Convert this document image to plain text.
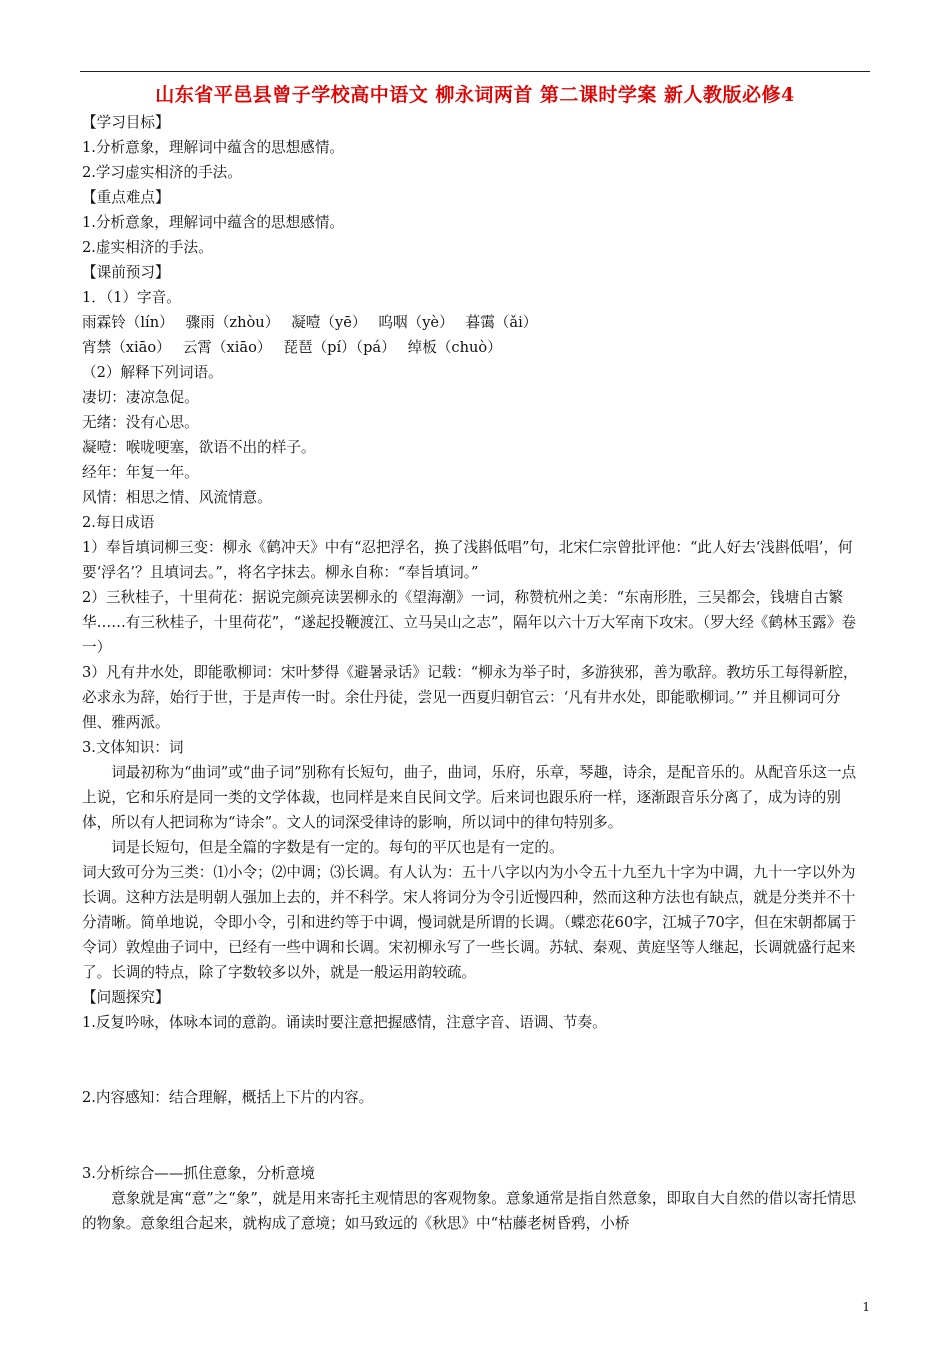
山东省平邑县曾子学校高中语文 柳永词两首 第二课时学案 新人教版必修4

【学习目标】

1.分析意象，理解词中蕴含的思想感情。

2.学习虚实相济的手法。

【重点难点】

1.分析意象，理解词中蕴含的思想感情。

2.虚实相济的手法。

【课前预习】

1．（1）字音。

雨霖铃（lín）　 骤雨（zhòu）　 凝噎（yē）　 呜咽（yè）　 暮霭（ǎi）

宵禁（xiāo）　 云霄（xiāo）　 琵琶（pí）（pá）　 绰板（chuò）

（2）解释下列词语。

凄切：凄凉急促。

无绪：没有心思。

凝噎：喉咙哽塞，欲语不出的样子。

经年：年复一年。

风情：相思之情、风流情意。

2.每日成语

1）奉旨填词柳三变：柳永《鹤冲天》中有“忍把浮名，换了浅斟低唱”句，北宋仁宗曾批评他：“此人好去‘浅斟低唱’，何要‘浮名’？且填词去。”，将名字抹去。柳永自称：“奉旨填词。”

2）三秋桂子，十里荷花：据说完颜亮读罢柳永的《望海潮》一词，称赞杭州之美：“东南形胜，三吴都会，钱塘自古繁华……有三秋桂子，十里荷花”，“遂起投鞭渡江、立马吴山之志”，隔年以六十万大军南下攻宋。（罗大经《鹤林玉露》卷一）

3）凡有井水处，即能歌柳词：宋叶梦得《避暑录话》记载：“柳永为举子时，多游狭邪，善为歌辞。教坊乐工每得新腔，必求永为辞，始行于世，于是声传一时。余仕丹徒，尝见一西夏归朝官云：‘凡有井水处，即能歌柳词。’” 并且柳词可分俚、雅两派。

3.文体知识：词

词最初称为“曲词”或“曲子词”别称有长短句，曲子，曲词，乐府，乐章，琴趣，诗余，是配音乐的。从配音乐这一点上说，它和乐府是同一类的文学体裁，也同样是来自民间文学。后来词也跟乐府一样，逐渐跟音乐分离了，成为诗的别体，所以有人把词称为“诗余”。文人的词深受律诗的影响，所以词中的律句特别多。

词是长短句，但是全篇的字数是有一定的。每句的平仄也是有一定的。

词大致可分为三类：⑴小令；⑵中调；⑶长调。有人认为：五十八字以内为小令五十九至九十字为中调，九十一字以外为长调。这种方法是明朝人强加上去的，并不科学。宋人将词分为令引近慢四种，然而这种方法也有缺点，就是分类并不十分清晰。简单地说，令即小令，引和进约等于中调，慢词就是所谓的长调。（蝶恋花60字，江城子70字，但在宋朝都属于令词）敦煌曲子词中，已经有一些中调和长调。宋初柳永写了一些长调。苏轼、秦观、黄庭坚等人继起，长调就盛行起来了。长调的特点，除了字数较多以外，就是一般运用韵较疏。

【问题探究】

1.反复吟咏，体咏本词的意韵。诵读时要注意把握感情，注意字音、语调、节奏。

2.内容感知：结合理解，概括上下片的内容。

3.分析综合——抓住意象，分析意境

意象就是寓“意”之“象”，就是用来寄托主观情思的客观物象。意象通常是指自然意象，即取自大自然的借以寄托情思的物象。意象组合起来，就构成了意境；如马致远的《秋思》中“枯藤老树昏鸦，小桥

1
